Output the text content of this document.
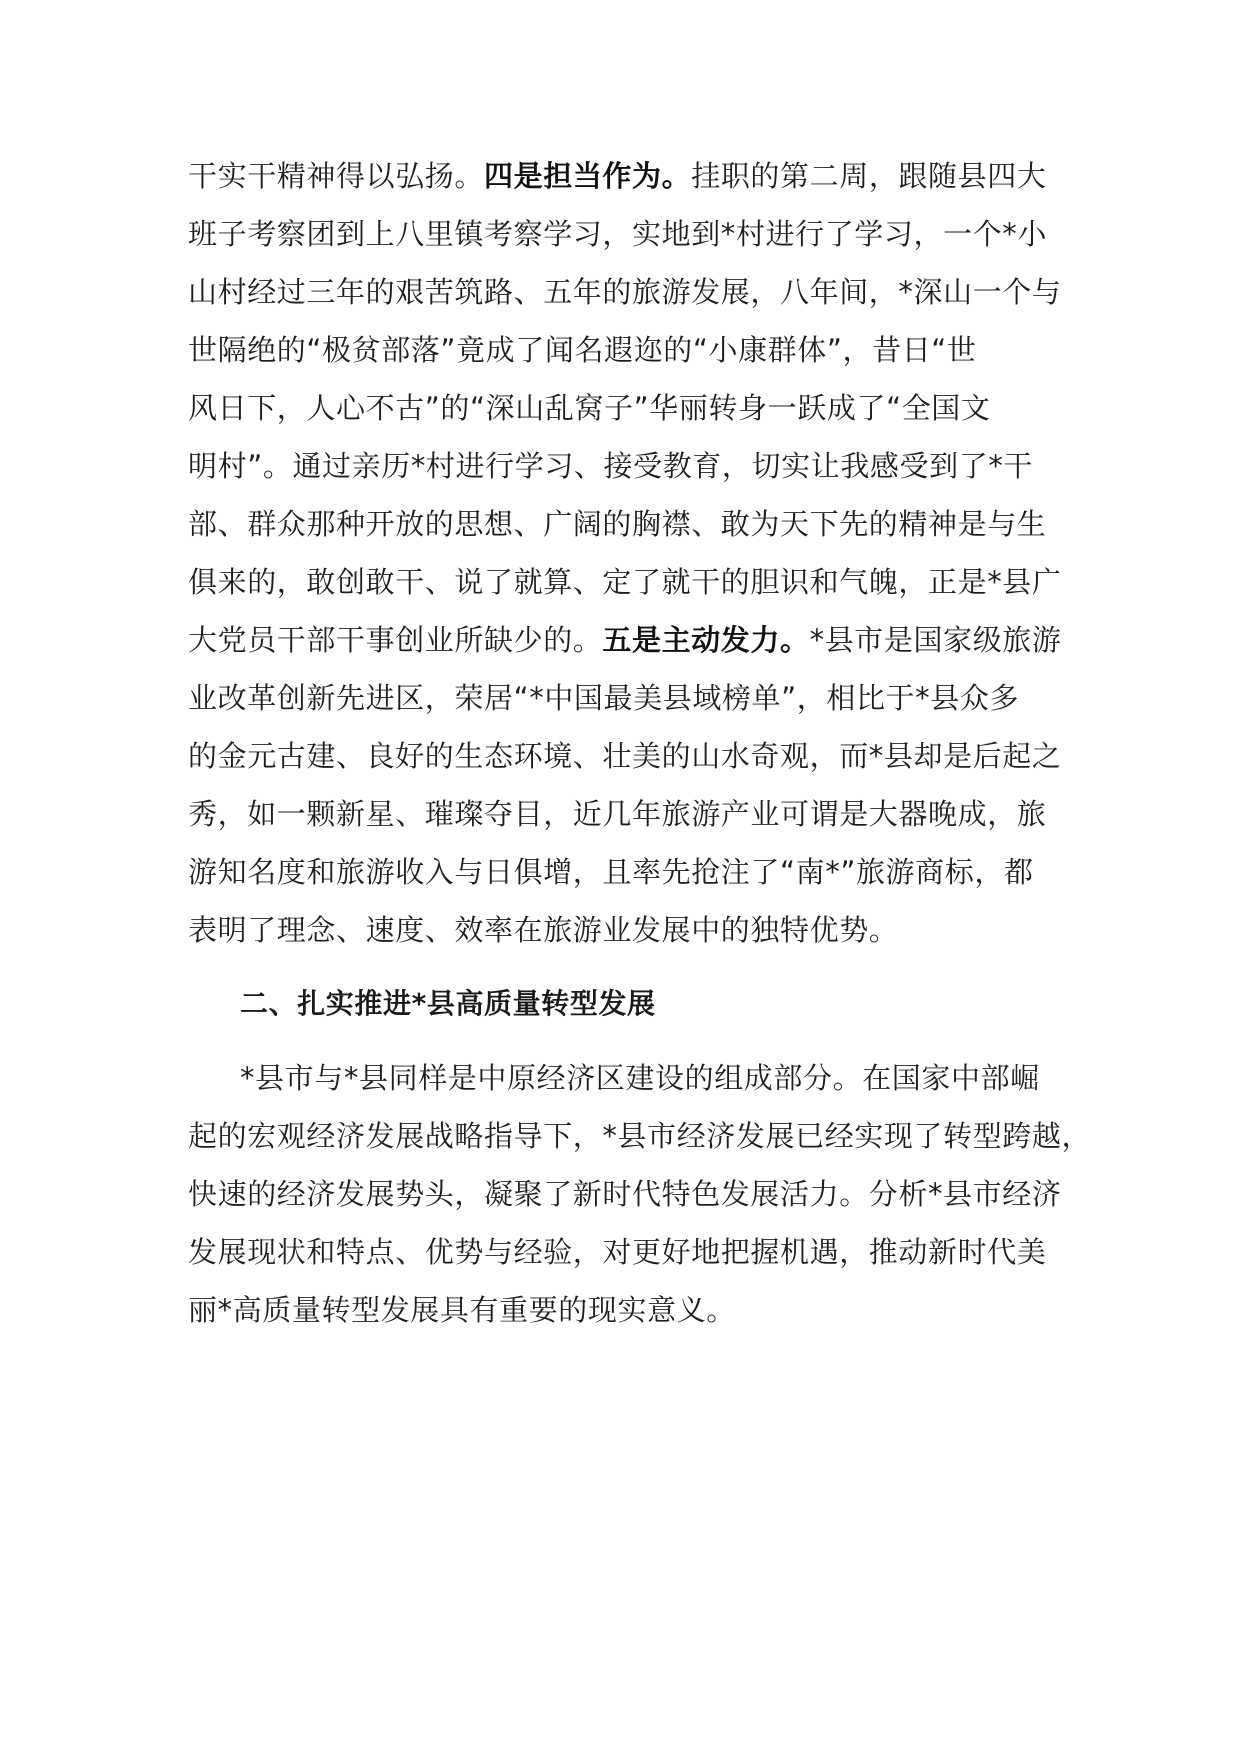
干实干精神得以弘扬。四是担当作为。挂职的第二周，跟随县四大
班子考察团到上八里镇考察学习，实地到*村进行了学习，一个*小
山村经过三年的艰苦筑路、五年的旅游发展，八年间，*深山一个与
世隔绝的“极贫部落”竟成了闻名遐迩的“小康群体”，昔日“世
风日下，人心不古”的“深山乱窝子”华丽转身一跃成了“全国文
明村”。通过亲历*村进行学习、接受教育，切实让我感受到了*干
部、群众那种开放的思想、广阔的胸襟、敢为天下先的精神是与生
俱来的，敢创敢干、说了就算、定了就干的胆识和气魄，正是*县广
大党员干部干事创业所缺少的。五是主动发力。*县市是国家级旅游
业改革创新先进区，荣居“*中国最美县域榜单”，相比于*县众多
的金元古建、良好的生态环境、壮美的山水奇观，而*县却是后起之
秀，如一颗新星、璀璨夺目，近几年旅游产业可谓是大器晚成，旅
游知名度和旅游收入与日俱增，且率先抢注了“南*”旅游商标，都
表明了理念、速度、效率在旅游业发展中的独特优势。
二、扎实推进*县高质量转型发展
*县市与*县同样是中原经济区建设的组成部分。在国家中部崛
起的宏观经济发展战略指导下，*县市经济发展已经实现了转型跨越，
快速的经济发展势头，凝聚了新时代特色发展活力。分析*县市经济
发展现状和特点、优势与经验，对更好地把握机遇，推动新时代美
丽*高质量转型发展具有重要的现实意义。
